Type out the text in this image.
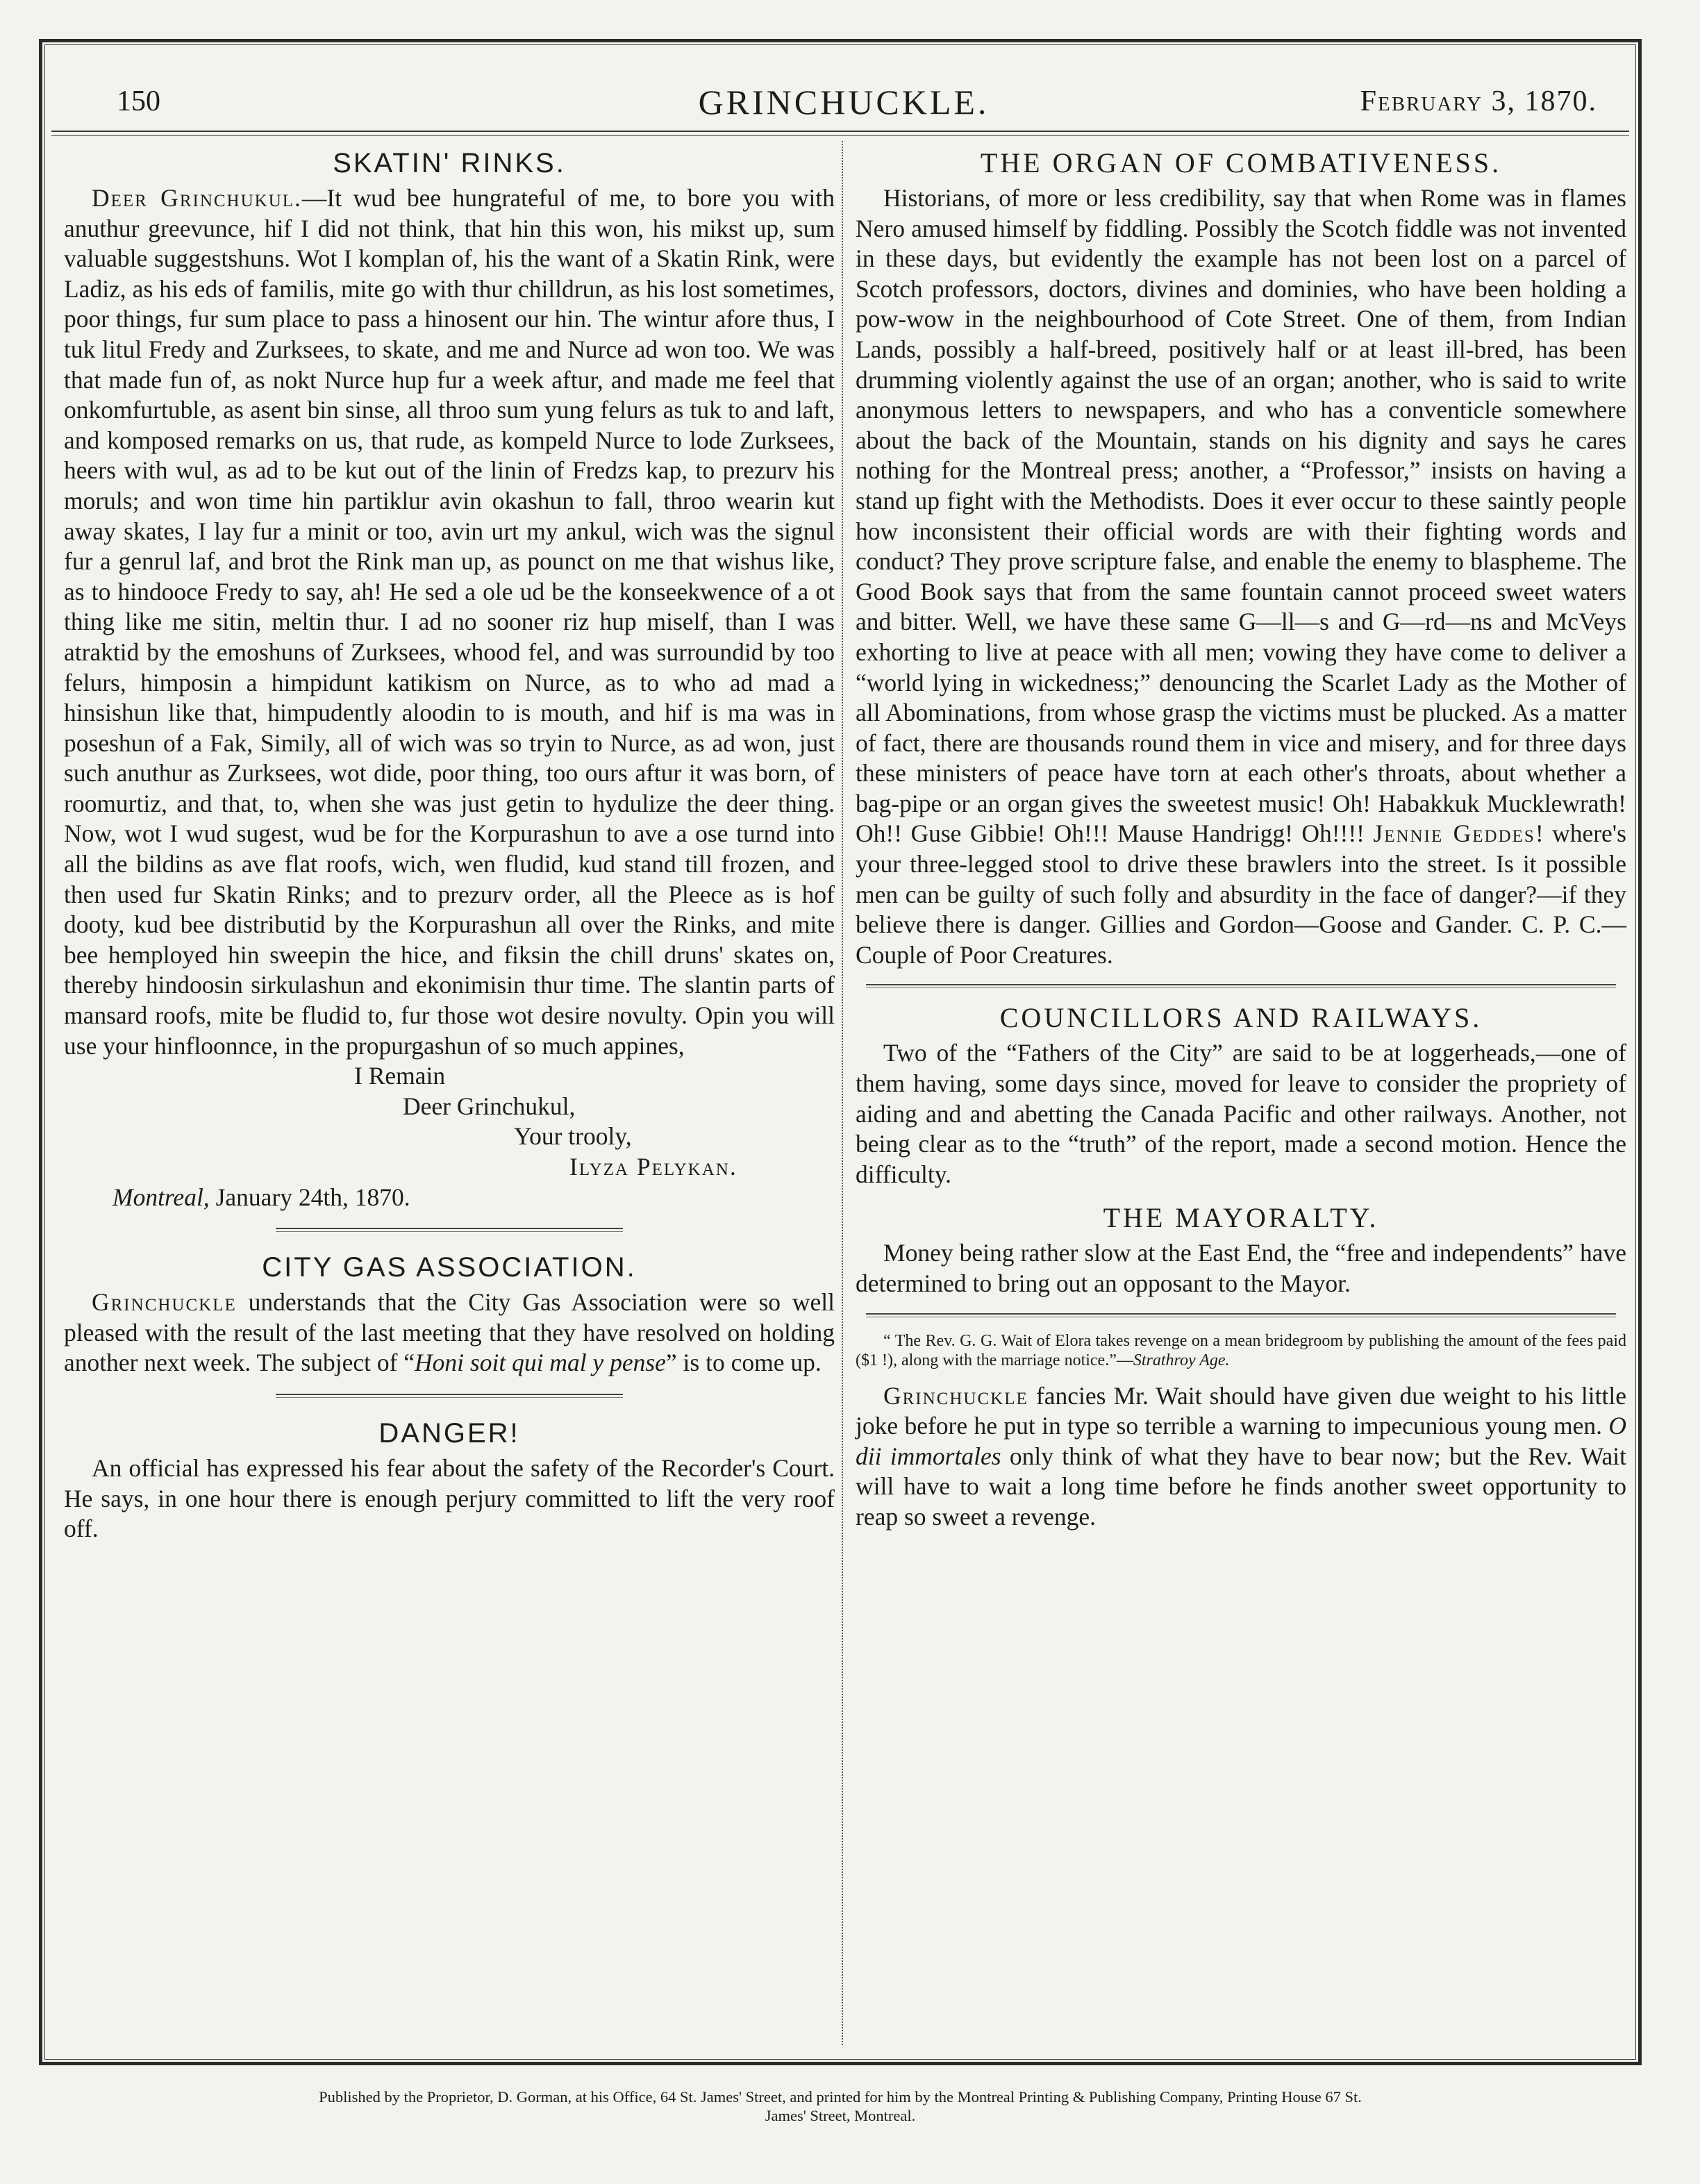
150	GRINCHUCKLE.	February 3, 1870.
SKATIN' RINKS.

Deer Grinchukul.—It wud bee hungrateful of me, to bore you with anuthur greevunce, hif I did not think, that hin this won, his mikst up, sum valuable suggestshuns. Wot I komplan of, his the want of a Skatin Rink, were Ladiz, as his eds of familis, mite go with thur chilldrun, as his lost sometimes, poor things, fur sum place to pass a hinosent our hin. The wintur afore thus, I tuk litul Fredy and Zurksees, to skate, and me and Nurce ad won too. We was that made fun of, as nokt Nurce hup fur a week aftur, and made me feel that onkomfurtuble, as asent bin sinse, all throo sum yung felurs as tuk to and laft, and komposed remarks on us, that rude, as kompeld Nurce to lode Zurksees, heers with wul, as ad to be kut out of the linin of Fredzs kap, to prezurv his moruls; and won time hin partiklur avin okashun to fall, throo wearin kut away skates, I lay fur a minit or too, avin urt my ankul, wich was the signul fur a genrul laf, and brot the Rink man up, as pounct on me that wishus like, as to hindooce Fredy to say, ah! He sed a ole ud be the konseekwence of a ot thing like me sitin, meltin thur. I ad no sooner riz hup miself, than I was atraktid by the emoshuns of Zurksees, whood fel, and was surroundid by too felurs, himposin a himpidunt katikism on Nurce, as to who ad mad a hinsishun like that, himpudently aloodin to is mouth, and hif is ma was in poseshun of a Fak, Simily, all of wich was so tryin to Nurce, as ad won, just such anuthur as Zurksees, wot dide, poor thing, too ours aftur it was born, of roomurtiz, and that, to, when she was just getin to hydulize the deer thing. Now, wot I wud sugest, wud be for the Korpurashun to ave a ose turnd into all the bildins as ave flat roofs, wich, wen fludid, kud stand till frozen, and then used fur Skatin Rinks; and to prezurv order, all the Pleece as is hof dooty, kud bee distributid by the Korpurashun all over the Rinks, and mite bee hemployed hin sweepin the hice, and fiksin the chill druns' skates on, thereby hindoosin sirkulashun and ekonimisin thur time. The slantin parts of mansard roofs, mite be fludid to, fur those wot desire novulty. Opin you will use your hinfloonnce, in the propurgashun of so much appines,

I Remain
Deer Grinchukul,
Your trooly,
Ilyza Pelykan.
Montreal, January 24th, 1870.
CITY GAS ASSOCIATION.

Grinchuckle understands that the City Gas Association were so well pleased with the result of the last meeting that they have resolved on holding another next week. The subject of “Honi soit qui mal y pense” is to come up.

DANGER!

An official has expressed his fear about the safety of the Recorder's Court. He says, in one hour there is enough perjury committed to lift the very roof off.

THE ORGAN OF COMBATIVENESS.

Historians, of more or less credibility, say that when Rome was in flames Nero amused himself by fiddling. Possibly the Scotch fiddle was not invented in these days, but evidently the example has not been lost on a parcel of Scotch professors, doctors, divines and dominies, who have been holding a pow-wow in the neighbourhood of Cote Street. One of them, from Indian Lands, possibly a half-breed, positively half or at least ill-bred, has been drumming violently against the use of an organ; another, who is said to write anonymous letters to newspapers, and who has a conventicle somewhere about the back of the Mountain, stands on his dignity and says he cares nothing for the Montreal press; another, a “Professor,” insists on having a stand up fight with the Methodists. Does it ever occur to these saintly people how inconsistent their official words are with their fighting words and conduct? They prove scripture false, and enable the enemy to blaspheme. The Good Book says that from the same fountain cannot proceed sweet waters and bitter. Well, we have these same G—ll—s and G—rd—ns and McVeys exhorting to live at peace with all men; vowing they have come to deliver a “world lying in wickedness;” denouncing the Scarlet Lady as the Mother of all Abominations, from whose grasp the victims must be plucked. As a matter of fact, there are thousands round them in vice and misery, and for three days these ministers of peace have torn at each other's throats, about whether a bag-pipe or an organ gives the sweetest music! Oh! Habakkuk Mucklewrath! Oh!! Guse Gibbie! Oh!!! Mause Handrigg! Oh!!!! Jennie Geddes! where's your three-legged stool to drive these brawlers into the street. Is it possible men can be guilty of such folly and absurdity in the face of danger?—if they believe there is danger. Gillies and Gordon—Goose and Gander. C. P. C.—Couple of Poor Creatures.

COUNCILLORS AND RAILWAYS.

Two of the “Fathers of the City” are said to be at loggerheads,—one of them having, some days since, moved for leave to consider the propriety of aiding and and abetting the Canada Pacific and other railways. Another, not being clear as to the “truth” of the report, made a second motion. Hence the difficulty.

THE MAYORALTY.

Money being rather slow at the East End, the “free and independents” have determined to bring out an opposant to the Mayor.

“ The Rev. G. G. Wait of Elora takes revenge on a mean bridegroom by publishing the amount of the fees paid ($1 !), along with the marriage notice.”—Strathroy Age.

Grinchuckle fancies Mr. Wait should have given due weight to his little joke before he put in type so terrible a warning to impecunious young men. O dii immortales only think of what they have to bear now; but the Rev. Wait will have to wait a long time before he finds another sweet opportunity to reap so sweet a revenge.

Published by the Proprietor, D. Gorman, at his Office, 64 St. James' Street, and printed for him by the Montreal Printing & Publishing Company, Printing House 67 St.
James' Street, Montreal.
